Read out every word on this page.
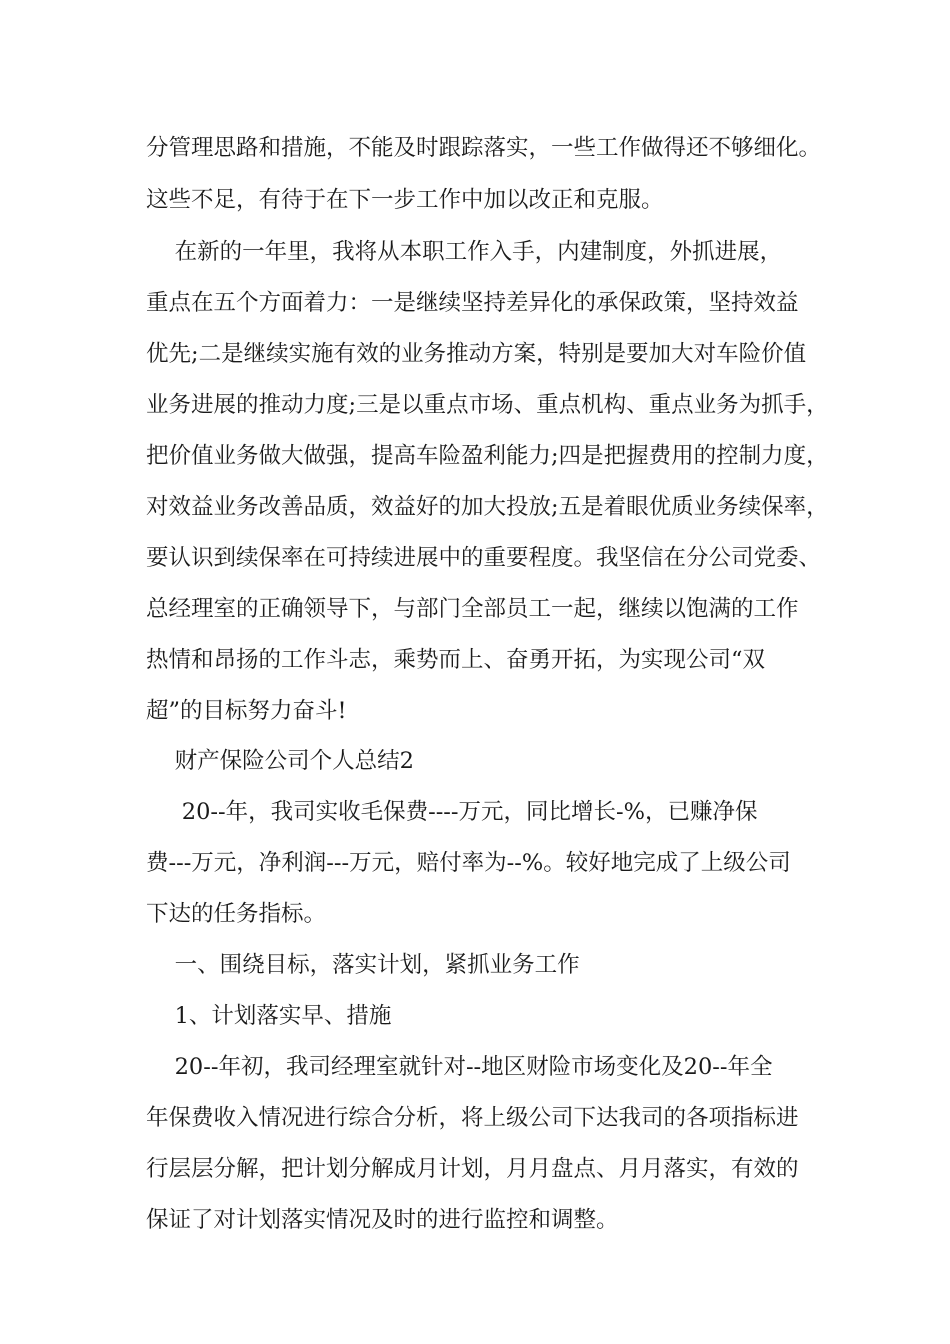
分管理思路和措施，不能及时跟踪落实，一些工作做得还不够细化。
这些不足，有待于在下一步工作中加以改正和克服。
在新的一年里，我将从本职工作入手，内建制度，外抓进展，
重点在五个方面着力：一是继续坚持差异化的承保政策，坚持效益
优先;二是继续实施有效的业务推动方案，特别是要加大对车险价值
业务进展的推动力度;三是以重点市场、重点机构、重点业务为抓手，
把价值业务做大做强，提高车险盈利能力;四是把握费用的控制力度，
对效益业务改善品质，效益好的加大投放;五是着眼优质业务续保率，
要认识到续保率在可持续进展中的重要程度。我坚信在分公司党委、
总经理室的正确领导下，与部门全部员工一起，继续以饱满的工作
热情和昂扬的工作斗志，乘势而上、奋勇开拓，为实现公司“双
超”的目标努力奋斗!
财产保险公司个人总结2
20--年，我司实收毛保费----万元，同比增长-%，已赚净保
费---万元，净利润---万元，赔付率为--%。较好地完成了上级公司
下达的任务指标。
一、围绕目标，落实计划，紧抓业务工作
1、计划落实早、措施
20--年初，我司经理室就针对--地区财险市场变化及20--年全
年保费收入情况进行综合分析，将上级公司下达我司的各项指标进
行层层分解，把计划分解成月计划，月月盘点、月月落实，有效的
保证了对计划落实情况及时的进行监控和调整。
